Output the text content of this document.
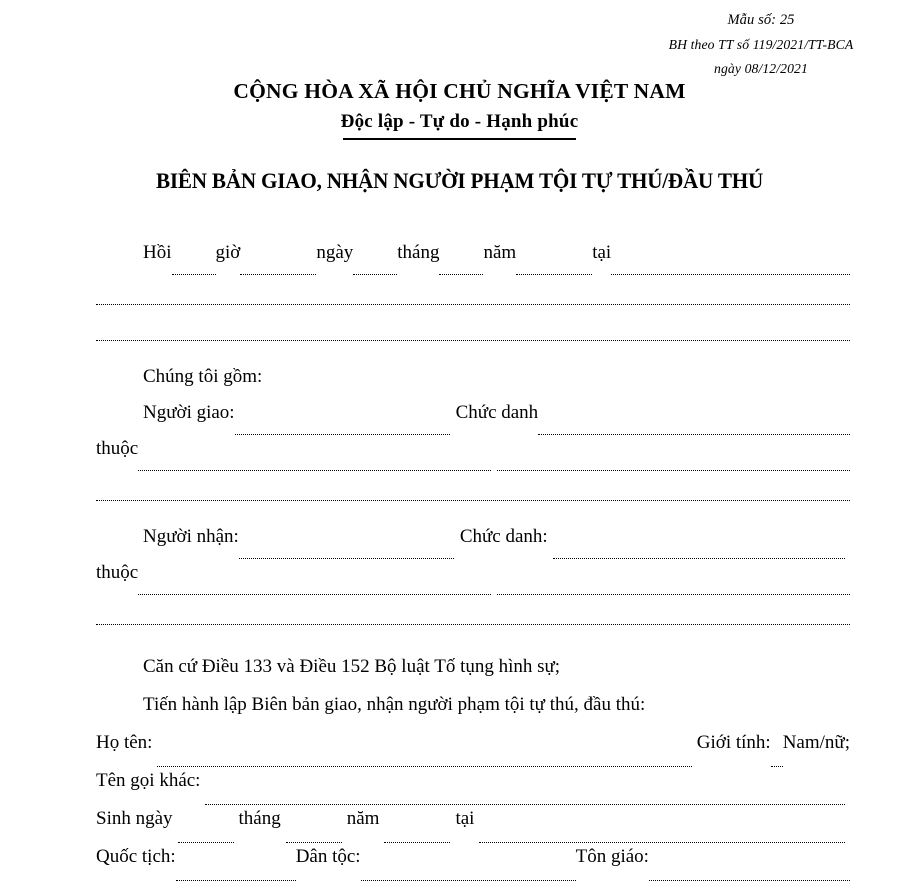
Mẫu số: 25
BH theo TT số 119/2021/TT-BCA
ngày 08/12/2021
CỘNG HÒA XÃ HỘI CHỦ NGHĨA VIỆT NAM
Độc lập - Tự do - Hạnh phúc
BIÊN BẢN GIAO, NHẬN NGƯỜI PHẠM TỘI TỰ THÚ/ĐẦU THÚ
Hồi giờ	ngày tháng năm	tại
Chúng tôi gồm:
Người giao:	Chức danh
thuộc
Người nhận:	Chức danh:
thuộc
Căn cứ Điều 133 và Điều 152 Bộ luật Tố tụng hình sự;
Tiến hành lập Biên bản giao, nhận người phạm tội tự thú, đầu thú:
Họ tên:	Giới tính: Nam/nữ;
Tên gọi khác:
Sinh ngày	tháng	năm	tại
Quốc tịch:	Dân tộc:	Tôn giáo:
